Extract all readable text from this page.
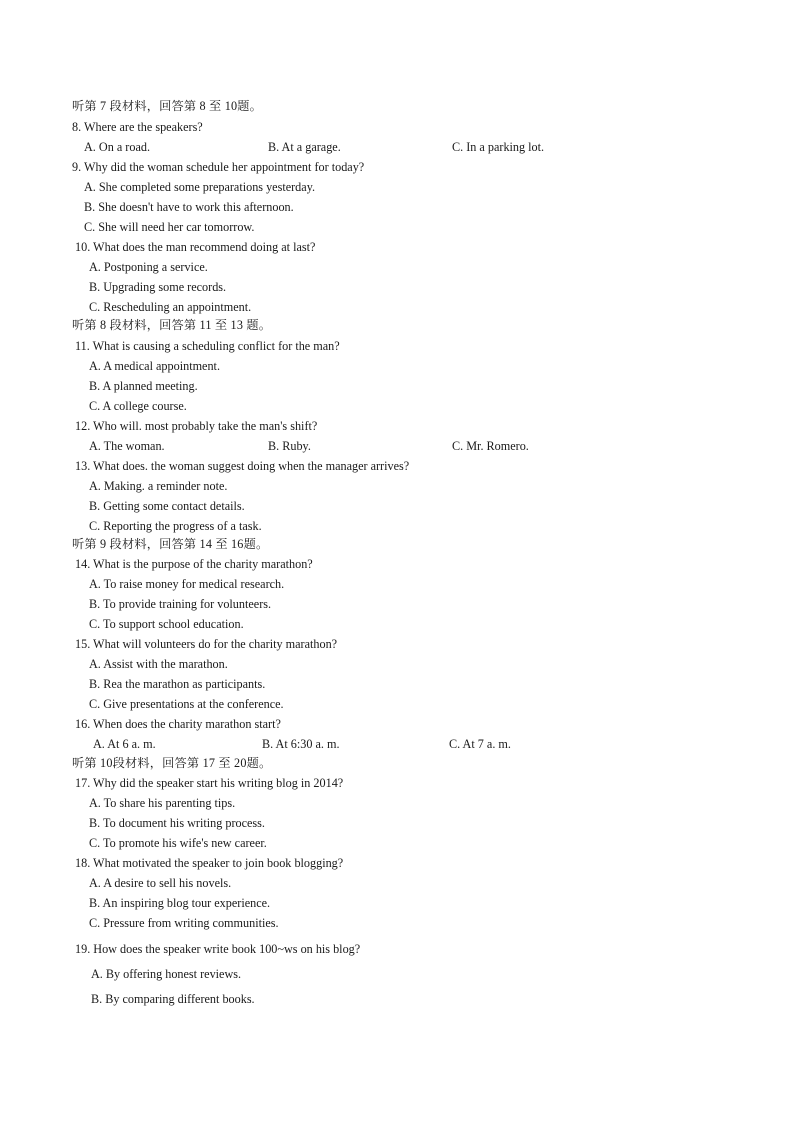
听第 7 段材料，回答第 8 至 10题。
8. Where are the speakers?
A. On a road.	B. At a garage.	C. In a parking lot.
9. Why did the woman schedule her appointment for today?
A. She completed some preparations yesterday.
B. She doesn't have to work this afternoon.
C. She will need her car tomorrow.
10. What does the man recommend doing at last?
A. Postponing a service.
B. Upgrading some records.
C. Rescheduling an appointment.
听第 8 段材料，回答第 11 至 13 题。
11. What is causing a scheduling conflict for the man?
A. A medical appointment.
B. A planned meeting.
C. A college course.
12. Who will. most probably take the man's shift?
A. The woman.	B. Ruby.	C. Mr. Romero.
13. What does. the woman suggest doing when the manager arrives?
A. Making. a reminder note.
B. Getting some contact details.
C. Reporting the progress of a task.
听第 9 段材料，回答第 14 至 16题。
14. What is the purpose of the charity marathon?
A. To raise money for medical research.
B. To provide training for volunteers.
C. To support school education.
15. What will volunteers do for the charity marathon?
A. Assist with the marathon.
B. Rea the marathon as participants.
C. Give presentations at the conference.
16. When does the charity marathon start?
A. At 6 a. m.	B. At 6:30 a. m.	C. At 7 a. m.
听第 10段材料，回答第 17 至 20题。
17. Why did the speaker start his writing blog in 2014?
A. To share his parenting tips.
B. To document his writing process.
C. To promote his wife's new career.
18. What motivated the speaker to join book blogging?
A. A desire to sell his novels.
B. An inspiring blog tour experience.
C. Pressure from writing communities.
19. How does the speaker write book 100~ws on his blog?
A. By offering honest reviews.
B. By comparing different books.
